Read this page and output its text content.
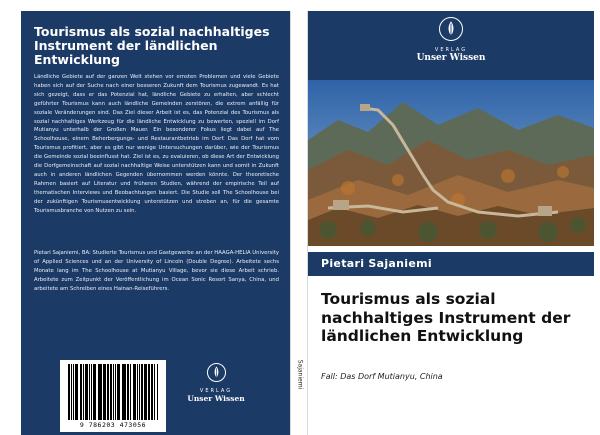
Tourismus als sozial nachhaltiges Instrument der ländlichen Entwicklung

Ländliche Gebiete auf der ganzen Welt stehen vor ernsten Problemen und viele Gebiete haben sich auf der Suche nach einer besseren Zukunft dem Tourismus zugewandt. Es hat sich gezeigt, dass er das Potenzial hat, ländliche Gebiete zu erhalten, aber schlecht geführter Tourismus kann auch ländliche Gemeinden zerstören, die extrem anfällig für soziale Veränderungen sind. Das Ziel dieser Arbeit ist es, das Potenzial des Tourismus als sozial nachhaltiges Werkzeug für die ländliche Entwicklung zu bewerten, speziell im Dorf Mutianyu unterhalb der Großen Mauer. Ein besonderer Fokus liegt dabei auf The Schoolhouse, einem Beherbergungs- und Restaurantbetrieb im Dorf. Das Dorf hat vom Tourismus profitiert, aber es gibt nur wenige Untersuchungen darüber, wie der Tourismus die Gemeinde sozial beeinflusst hat. Ziel ist es, zu evaluieren, ob diese Art der Entwicklung die Dorfgemeinschaft auf sozial nachhaltige Weise unterstützen kann und somit in Zukunft auch in anderen ländlichen Gegenden übernommen werden könnte. Der theoretische Rahmen basiert auf Literatur und früheren Studien, während der empirische Teil auf thematischen Interviews und Beobachtungen basiert. Die Studie soll The Schoolhouse bei der zukünftigen Tourismusentwicklung unterstützen und streben an, für die gesamte Tourismusbranche von Nutzen zu sein.

Pietari Sajaniemi, BA: Studierte Tourismus und Gastgewerbe an der HAAGA-HELIA University of Applied Sciences und an der University of Lincoln (Double Degree). Arbeitete sechs Monate lang im The Schoolhouse at Mutianyu Village, bevor sie diese Arbeit schrieb. Arbeitete zum Zeitpunkt der Veröffentlichung im Ocean Sonic Resort Sanya, China, und arbeitete am Schreiben eines Hainan-Reiseführers.

9 786203 473056
VERLAG
Unser Wissen
Sajaniemi
VERLAG
Unser Wissen
Pietari Sajaniemi
Tourismus als sozial nachhaltiges Instrument der ländlichen Entwicklung
Fall: Das Dorf Mutianyu, China
